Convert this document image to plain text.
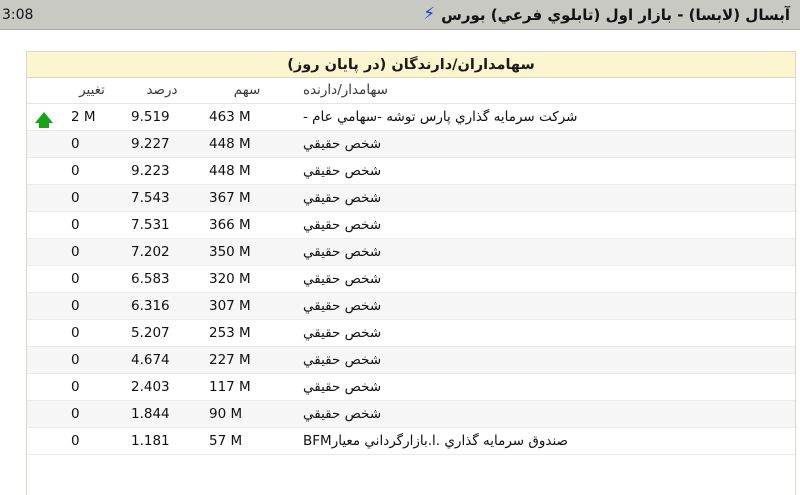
آبسال (لابسا) - بازار اول (تابلوي فرعي) بورس
⚡
3:08
سهامداران/دارندگان (در پایان روز)
سهامدار/دارنده	سهم	درصد	تغییر	
شرکت سرمايه گذاري پارس توشه -سهامي عام -	463 M	9.519	2 M	
شخص حقيقي	448 M	9.227	0	
شخص حقيقي	448 M	9.223	0	
شخص حقيقي	367 M	7.543	0	
شخص حقيقي	366 M	7.531	0	
شخص حقيقي	350 M	7.202	0	
شخص حقيقي	320 M	6.583	0	
شخص حقيقي	307 M	6.316	0	
شخص حقيقي	253 M	5.207	0	
شخص حقيقي	227 M	4.674	0	
شخص حقيقي	117 M	2.403	0	
شخص حقيقي	90 M	1.844	0	
صندوق سرمايه گذاري .ا.بازارگرداني معيارBFM	57 M	1.181	0	
